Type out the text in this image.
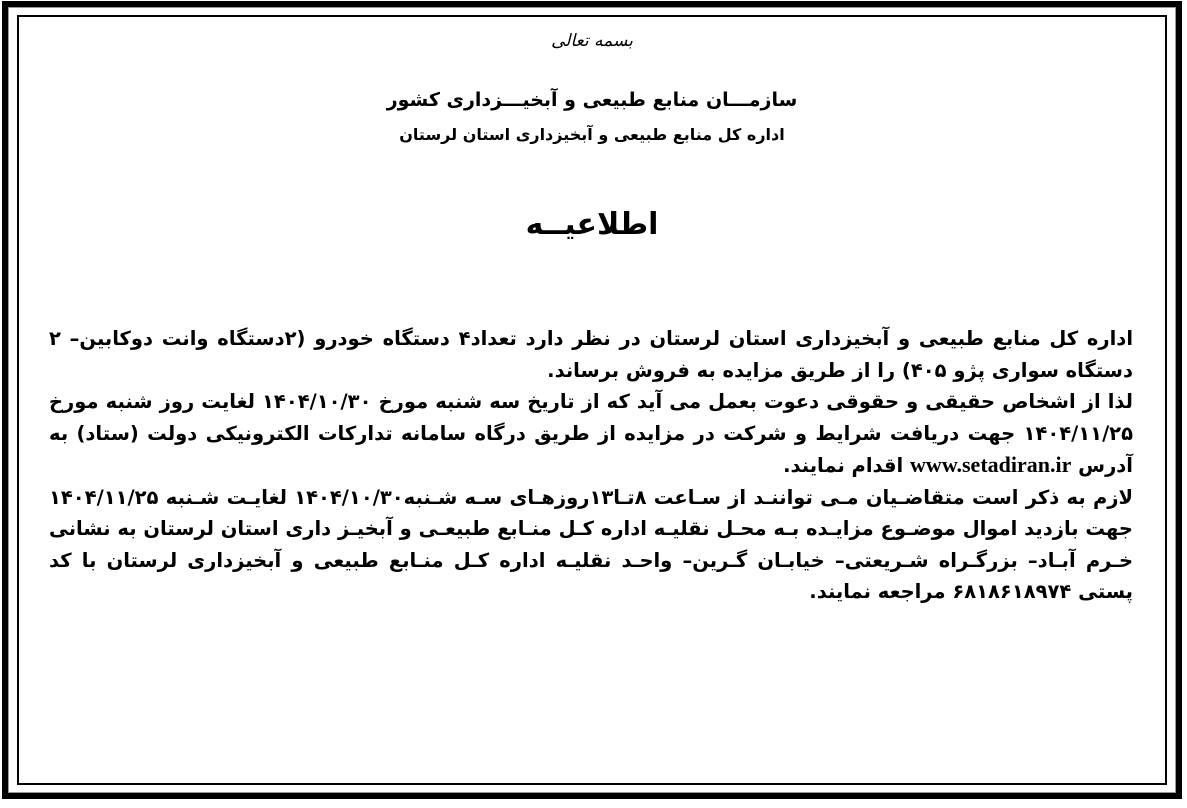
بسمه تعالی
سازمـــان منابع طبیعی و آبخیـــزداری کشور
اداره کل منابع طبیعی و آبخیزداری استان لرستان
اطلاعیــه

اداره کل منابع طبیعی و آبخیزداری استان لرستان در نظر دارد تعداد۴ دستگاه خودرو (۲دستگاه وانت دوکابین– ۲ دستگاه سواری پژو ۴۰۵) را از طریق مزایده به فروش برساند.

لذا از اشخاص حقیقی و حقوقی دعوت بعمل می آید که از تاریخ سه شنبه مورخ ۱۴۰۴/۱۰/۳۰ لغایت روز شنبه مورخ ۱۴۰۴/۱۱/۲۵ جهت دریافت شرایط و شرکت در مزایده از طریق درگاه سامانه تدارکات الکترونیکی دولت (ستاد) به آدرس www.setadiran.ir اقدام نمایند.

لازم به ذکر است متقاضـیان مـی تواننـد از سـاعت ۸تـا۱۳روزهـای سـه شـنبه۱۴۰۴/۱۰/۳۰ لغایـت شـنبه ۱۴۰۴/۱۱/۲۵ جهت بازدید اموال موضـوع مزایـده بـه محـل نقلیـه اداره کـل منـابع طبیعـی و آبخیـز داری استان لرستان به نشانی خـرم آبـاد– بزرگـراه شـریعتی– خیابـان گـرین– واحـد نقلیـه اداره کـل منـابع طبیعی و آبخیزداری لرستان با کد پستی ۶۸۱۸۶۱۸۹۷۴ مراجعه نمایند.
